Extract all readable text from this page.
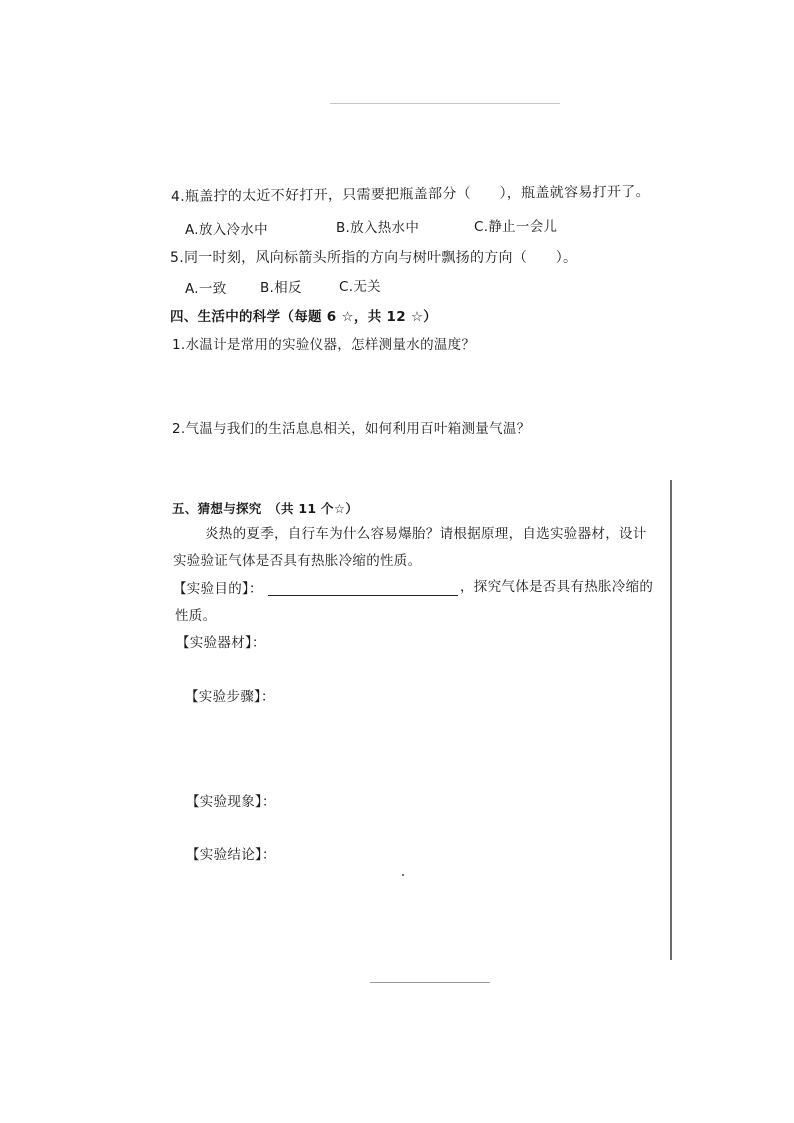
4.瓶盖拧的太近不好打开，只需要把瓶盖部分（　　），瓶盖就容易打开了。
A.放入冷水中	B.放入热水中	C.静止一会儿
5.同一时刻，风向标箭头所指的方向与树叶飘扬的方向（　　）。
A.一致 B.相反	C.无关
四、生活中的科学（每题 6 ☆，共 12 ☆）
1.水温计是常用的实验仪器，怎样测量水的温度？
2.气温与我们的生活息息相关，如何利用百叶箱测量气温？
五、猜想与探究　（共 11 个☆）
炎热的夏季，自行车为什么容易爆胎？请根据原理，自选实验器材，设计
实验验证气体是否具有热胀冷缩的性质。
【实验目的】：	，探究气体是否具有热胀冷缩的
性质。
【实验器材】：
【实验步骤】：
【实验现象】：
【实验结论】：
